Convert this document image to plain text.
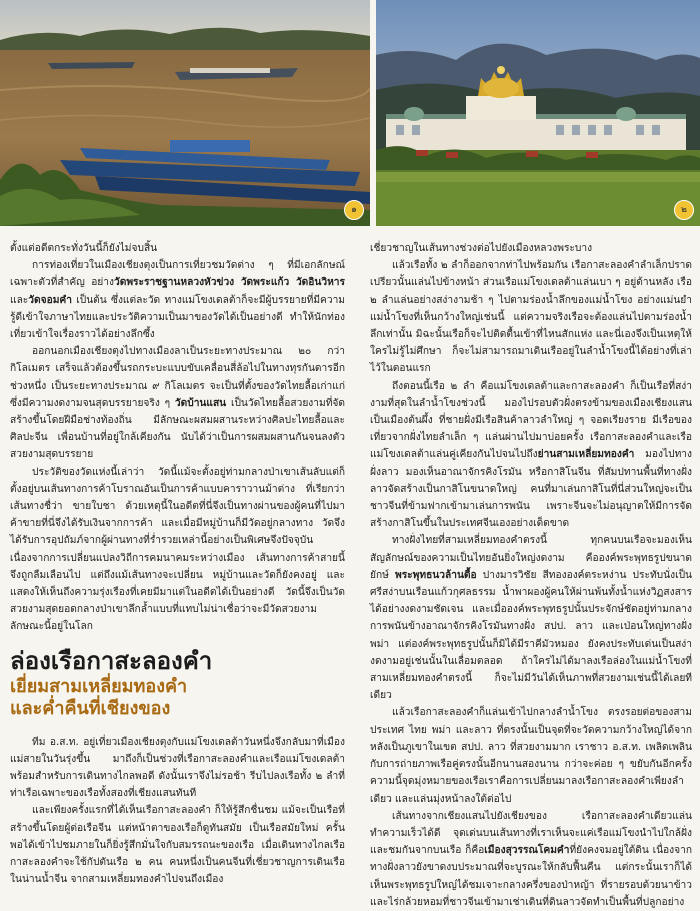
๑	๒

ตั้งแต่อดีตกระทั่งวันนี้ก็ยังไม่จบสิ้น

การท่องเที่ยวในเมืองเชียงตุงเป็นการเที่ยวชมวัดต่าง ๆ ที่มีเอกลักษณ์เฉพาะตัวที่สำคัญ อย่างวัดพระราชฐานหลวงหัวข่วง วัดพระแก้ว วัดอินวิหาร และวัดจอมคำ เป็นต้น ซึ่งแต่ละวัด ทางแม่โขงเดลต้าก็จะมีผู้บรรยายที่มีความรู้ดีเข้าใจภาษาไทยและประวัติความเป็นมาของวัดได้เป็นอย่างดี ทำให้นักท่องเที่ยวเข้าใจเรื่องราวได้อย่างลึกซึ้ง

ออกนอกเมืองเชียงตุงไปทางเมืองลาเป็นระยะทางประมาณ ๒๐ กว่ากิโลเมตร เสร็จแล้วต้องขึ้นรถกระบะแบบขับเคลื่อนสี่ล้อไปในทางทุรกันดารอีกช่วงหนึ่ง เป็นระยะทางประมาณ ๙ กิโลเมตร จะเป็นที่ตั้งของวัดไทยลื้อเก่าแก่ซึ่งมีความงดงามจนสุดบรรยายจริง ๆ วัดบ้านแสน เป็นวัดไทยลื้อสวยงามที่จัดสร้างขึ้นโดยฝีมือช่างท้องถิ่น มีลักษณะผสมผสานระหว่างศิลปะไทยลื้อและศิลปะจีน เพื่อนบ้านที่อยู่ใกล้เคียงกัน นับได้ว่าเป็นการผสมผสานกันจนลงตัวสวยงามสุดบรรยาย

ประวัติของวัดแห่งนี้เล่าว่า วัดนี้แม้จะตั้งอยู่ท่ามกลางป่าเขาเส้นลับแต่ก็ตั้งอยู่บนเส้นทางการค้าโบราณอันเป็นการค้าแบบคาราวานม้าต่าง ที่เรียกว่าเส้นทางชื่ว่า ขายใบชา ด้วยเหตุนี้ในอดีตที่นี่จึงเป็นทางผ่านของผู้คนที่ไปมาค้าขายที่นี่จึงได้รับเงินจากการค้า และเมื่อมีหมู่บ้านก็มีวัดอยู่กลางทาง วัดจึงได้รับการอุปถัมภ์จากผู้ผ่านทางที่ร่ำรวยเหล่านี้อย่างเป็นพิเศษจึงปัจจุบันเนื่องจากการเปลี่ยนแปลงวิถีการคมนาคมระหว่างเมือง เส้นทางการค้าสายนี้จึงถูกลืมเลือนไป แต่ถึงแม้เส้นทางจะเปลี่ยน หมู่บ้านและวัดก็ยังคงอยู่ และแสดงให้เห็นถึงความรุ่งเรืองที่เคยมีมาแต่ในอดีตได้เป็นอย่างดี วัดนี้จึงเป็นวัดสวยงามสุดยอดกลางป่าเขาลึกล้ำแบบที่แทบไม่น่าเชื่อว่าจะมีวัดสวยงามลักษณะนี้อยู่ในโลก

ล่องเรือกาสะลองคำ
เยี่ยมสามเหลี่ยมทองคำ
และค่ำคืนที่เชียงของ

ทีม อ.ส.ท. อยู่เที่ยวเมืองเชียงตุงกับแม่โขงเดลต้าวันหนึ่งจึงกลับมาที่เมืองแม่สายในวันรุ่งขึ้น มาถึงก็เป็นช่วงที่เรือกาสะลองคำและเรือแม่โขงเดลต้าพร้อมสำหรับการเดินทางไกลพอดี ดังนั้นเราจึงไม่รอช้า รีบไปลงเรือทั้ง ๒ ลำที่ท่าเรือเฉพาะของเรือทั้งสองที่เชียงแสนทันที

และเพียงครั้งแรกที่ได้เห็นเรือกาสะลองคำ ก็ให้รู้สึกชื่นชม แม้จะเป็นเรือที่สร้างขึ้นโดยผู้ต่อเรือจีน แต่หน้าตาของเรือก็ดูทันสมัย เป็นเรือสมัยใหม่ ครั้นพอได้เข้าไปชมภายในก็ยิ่งรู้สึกมั่นใจกับสมรรถนะของเรือ เมื่อเดินทางไกลเรือกาสะลองคำจะใช้กัปตันเรือ ๒ คน คนหนึ่งเป็นคนจีนที่เชี่ยวชาญการเดินเรือในน่านน้ำจีน จากสามเหลี่ยมทองคำไปจนถึงเมือง

เชี่ยวชาญในเส้นทางช่วงต่อไปยังเมืองหลวงพระบาง

แล้วเรือทั้ง ๒ ลำก็ออกจากท่าไปพร้อมกัน เรือกาสะลองคำลำเล็กปราดเปรียวนั้นแล่นไปข้างหน้า ส่วนเรือแม่โขงเดลต้าแล่นเบา ๆ อยู่ด้านหลัง เรือ ๒ ลำแล่นอย่างสง่างามช้า ๆ ไปตามร่องน้ำลึกของแม่น้ำโขง อย่างแม่นยำ แม่น้ำโขงที่เห็นกว้างใหญ่เช่นนี้ แต่ความจริงเรือจะต้องแล่นไปตามร่องน้ำลึกเท่านั้น มิฉะนั้นเรือก็จะไปติดตื้นเข้าที่ไหนสักแห่ง และนี่เองจึงเป็นเหตุให้ใครไม่รู้ไม่ศึกษา ก็จะไม่สามารถมาเดินเรืออยู่ในลำน้ำโขงนี้ได้อย่างที่เล่าไว้ในตอนแรก

ถึงตอนนี้เรือ ๒ ลำ คือแม่โขงเดลต้าและกาสะลองคำ ก็เป็นเรือที่สง่างามที่สุดในลำน้ำโขงช่วงนี้ มองไปรอบตัวฝั่งตรงข้ามของเมืองเชียงแสนเป็นเมืองต้นผึ้ง ที่ชายฝั่งมีเรือสินค้าลาวลำใหญ่ ๆ จอดเรียงราย มีเรือของเที่ยวจากฝั่งไทยลำเล็ก ๆ แล่นผ่านไปมาบ่อยครั้ง เรือกาสะลองคำและเรือแม่โขงเดลต้าแล่นคู่เคียงกันไปจนไปถึงย่านสามเหลี่ยมทองคำ มองไปทางฝั่งลาว มองเห็นอาณาจักรคิงโรมัน หรือกาสิโนจีน ที่สัมปทานพื้นที่ทางฝั่งลาวจัดสร้างเป็นกาสิโนขนาดใหญ่ คนที่มาเล่นกาสิโนที่นี่ส่วนใหญ่จะเป็นชาวจีนที่ข้ามฟากเข้ามาเล่นการพนัน เพราะจีนจะไม่อนุญาตให้มีการจัดสร้างกาสิโนขึ้นในประเทศจีนเองอย่างเด็ดขาด

ทางฝั่งไทยที่สามเหลี่ยมทองคำตรงนี้ ทุกคนบนเรือจะมองเห็นสัญลักษณ์ของความเป็นไทยอันยิ่งใหญ่งดงาม คือองค์พระพุทธรูปขนาดยักษ์ พระพุทธนวล้านตื้อ ปางมารวิชัย สีทององค์ตระหง่าน ประทับนั่งเป็นศรีสง่าบนเรือนแก้วกุศลธรรม น้ำพาผองผู้คนให้ผ่านพ้นทั้งน้ำแห่งวิฏสงสารได้อย่างงดงามชัดเจน และเมื่อองค์พระพุทธรูปนั้นประจักษ์ชัดอยู่ท่ามกลางการพนันข้างอาณาจักรคิงโรมันทางฝั่ง สปป. ลาว และเป่อนใหญ่ทางฝั่งพม่า แต่องค์พระพุทธรูปนั้นก็มิได้มีราคีมัวหมอง ยังคงประทับเด่นเป็นสง่างดงามอยู่เช่นนั้นในเลื่อมตลอด ถ้าใครไม่ได้มาลงเรือล่องในแม่น้ำโขงที่สามเหลี่ยมทองคำตรงนี้ ก็จะไม่มีวันได้เห็นภาพที่สวยงามเช่นนี้ได้เลยทีเดียว

แล้วเรือกาสะลองคำก็แล่นเข้าไปกลางลำน้ำโขง ตรงรอยต่อของสามประเทศ ไทย พม่า และลาว ที่ตรงนั้นเป็นจุดที่จะวัดความกว้างใหญ่ได้จากหลังเป็นภูเขาในเขต สปป. ลาว ที่สวยงามมาก เราชาว อ.ส.ท. เพลิดเพลินกับการถ่ายภาพเรือคู่ตรงนั้นอีกนานสองนาน กว่าจะค่อย ๆ ขยับกันอีกครั้ง ความนี้จุดมุ่งหมายของเรือเราคือการเปลี่ยนมาลงเรือกาสะลองคำเพียงลำเดียว และแล่นมุ่งหน้าลงใต้ต่อไป

เส้นทางจากเชียงแสนไปยังเชียงของ เรือกาสะลองคำเดียวแล่นทำความเร็วได้ดี จุดเด่นบนเส้นทางที่เราเห็นจะแค่เรือแม่โขงนำไปใกล้ฝั่งและชมกันจากบนเรือ ก็คือเมืองสุวรรณโคมคำที่ยังคงจมอยู่ใต้ดิน เนื่องจากทางฝั่งลาวยังขาดงบประมาณที่จะบูรณะให้กลับฟื้นคืน แต่กระนั้นเราก็ได้เห็นพระพุทธรูปใหญ่ได้ชมเจาะกลางครึ่งของป่าหญ้า ที่รายรอบด้วยนาข้าวและไร่กล้วยหอมที่ชาวจีนเข้ามาเช่าเดินที่ดินลาวจัดทำเป็นพื้นที่ปลูกอย่าง
